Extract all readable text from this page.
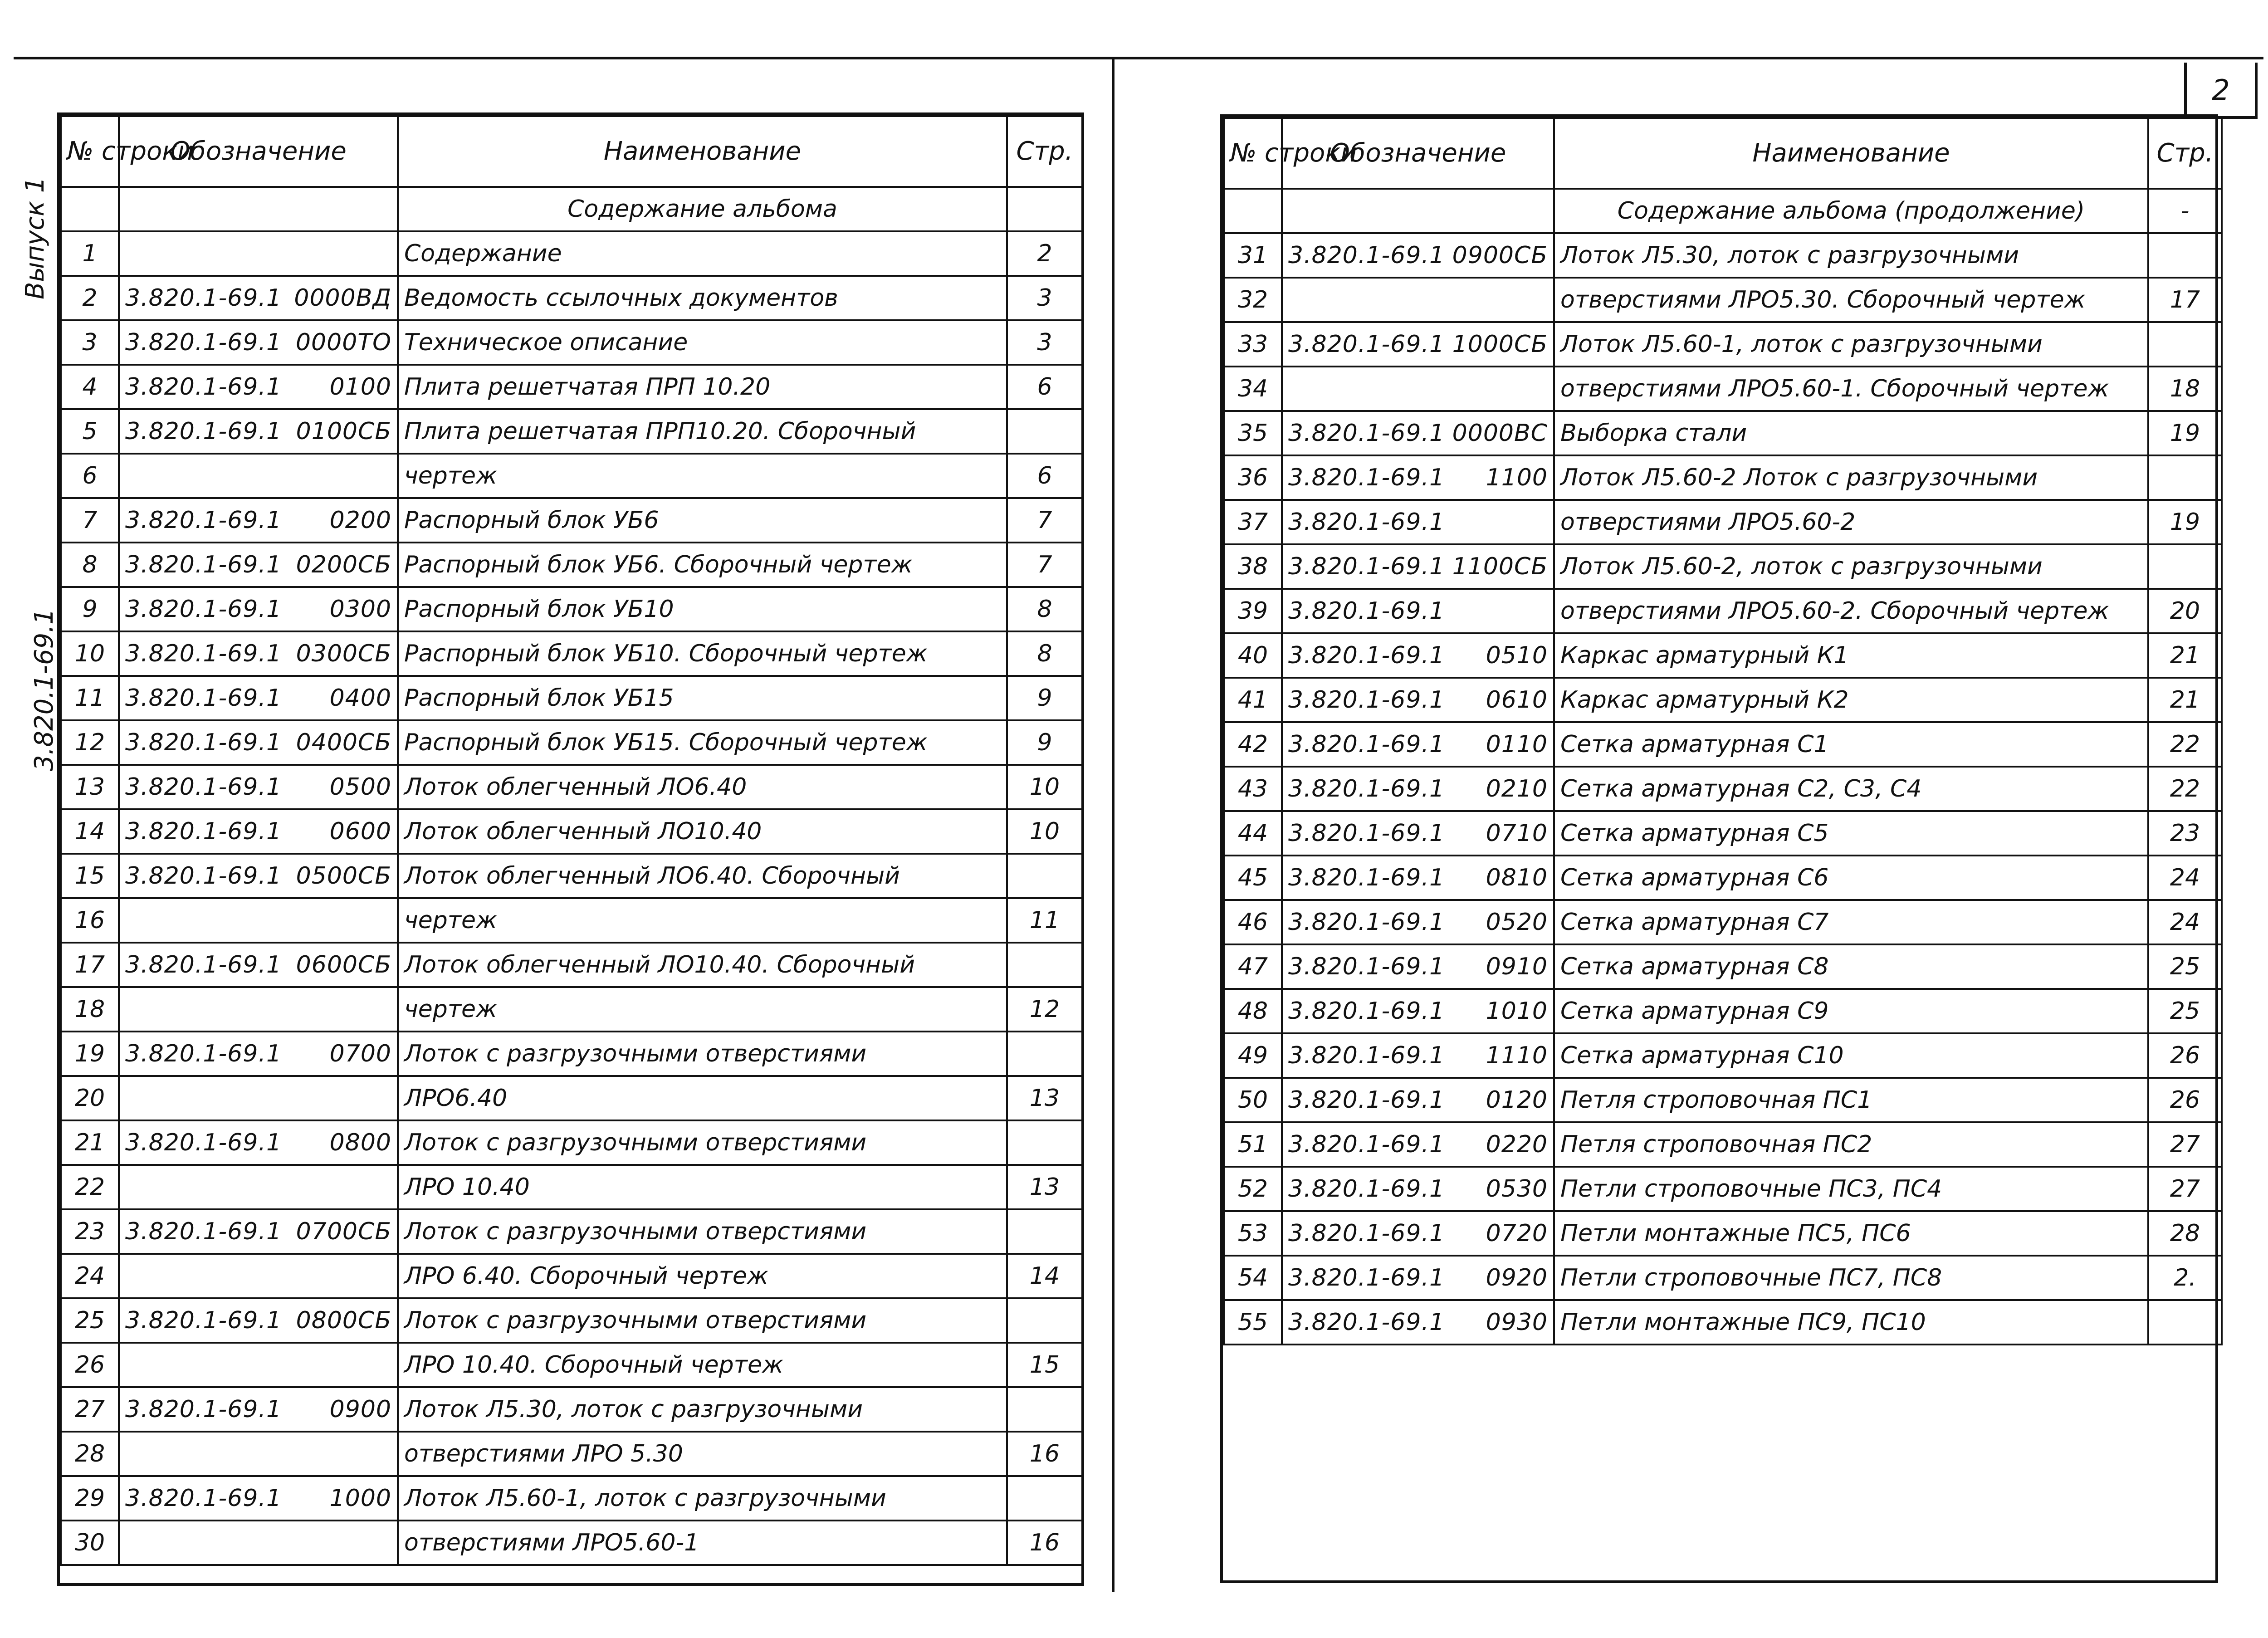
2
Выпуск 1
3.820.1-69.1
№ строки	Обозначение	Наименование	Стр.
		Содержание альбома	
1		Содержание	2
2	3.820.1-69.1 0000ВД	Ведомость ссылочных документов	3
3	3.820.1-69.1 0000ТО	Техническое описание	3
4	3.820.1-69.1 0100	Плита решетчатая ПРП 10.20	6
5	3.820.1-69.1 0100СБ	Плита решетчатая ПРП10.20. Сборочный	
6		чертеж	6
7	3.820.1-69.1 0200	Распорный блок УБ6	7
8	3.820.1-69.1 0200СБ	Распорный блок УБ6. Сборочный чертеж	7
9	3.820.1-69.1 0300	Распорный блок УБ10	8
10	3.820.1-69.1 0300СБ	Распорный блок УБ10. Сборочный чертеж	8
11	3.820.1-69.1 0400	Распорный блок УБ15	9
12	3.820.1-69.1 0400СБ	Распорный блок УБ15. Сборочный чертеж	9
13	3.820.1-69.1 0500	Лоток облегченный ЛО6.40	10
14	3.820.1-69.1 0600	Лоток облегченный ЛО10.40	10
15	3.820.1-69.1 0500СБ	Лоток облегченный ЛО6.40. Сборочный	
16		чертеж	11
17	3.820.1-69.1 0600СБ	Лоток облегченный ЛО10.40. Сборочный	
18		чертеж	12
19	3.820.1-69.1 0700	Лоток с разгрузочными отверстиями	
20		ЛРО6.40	13
21	3.820.1-69.1 0800	Лоток с разгрузочными отверстиями	
22		ЛРО 10.40	13
23	3.820.1-69.1 0700СБ	Лоток с разгрузочными отверстиями	
24		ЛРО 6.40. Сборочный чертеж	14
25	3.820.1-69.1 0800СБ	Лоток с разгрузочными отверстиями	
26		ЛРО 10.40. Сборочный чертеж	15
27	3.820.1-69.1 0900	Лоток Л5.30, лоток с разгрузочными	
28		отверстиями ЛРО 5.30	16
29	3.820.1-69.1 1000	Лоток Л5.60-1, лоток с разгрузочными	
30		отверстиями ЛРО5.60-1	16
№ строки	Обозначение	Наименование	Стр.
		Содержание альбома (продолжение)	-
31	3.820.1-69.1 0900СБ	Лоток Л5.30, лоток с разгрузочными	
32		отверстиями ЛРО5.30. Сборочный чертеж	17
33	3.820.1-69.1 1000СБ	Лоток Л5.60-1, лоток с разгрузочными	
34		отверстиями ЛРО5.60-1. Сборочный чертеж	18
35	3.820.1-69.1 0000ВС	Выборка стали	19
36	3.820.1-69.1 1100	Лоток Л5.60-2 Лоток с разгрузочными	
37	3.820.1-69.1	отверстиями ЛРО5.60-2	19
38	3.820.1-69.1 1100СБ	Лоток Л5.60-2, лоток с разгрузочными	
39	3.820.1-69.1	отверстиями ЛРО5.60-2. Сборочный чертеж	20
40	3.820.1-69.1 0510	Каркас арматурный К1	21
41	3.820.1-69.1 0610	Каркас арматурный К2	21
42	3.820.1-69.1 0110	Сетка арматурная С1	22
43	3.820.1-69.1 0210	Сетка арматурная С2, С3, С4	22
44	3.820.1-69.1 0710	Сетка арматурная С5	23
45	3.820.1-69.1 0810	Сетка арматурная С6	24
46	3.820.1-69.1 0520	Сетка арматурная С7	24
47	3.820.1-69.1 0910	Сетка арматурная С8	25
48	3.820.1-69.1 1010	Сетка арматурная С9	25
49	3.820.1-69.1 1110	Сетка арматурная С10	26
50	3.820.1-69.1 0120	Петля строповочная ПС1	26
51	3.820.1-69.1 0220	Петля строповочная ПС2	27
52	3.820.1-69.1 0530	Петли строповочные ПС3, ПС4	27
53	3.820.1-69.1 0720	Петли монтажные ПС5, ПС6	28
54	3.820.1-69.1 0920	Петли строповочные ПС7, ПС8	2.
55	3.820.1-69.1 0930	Петли монтажные ПС9, ПС10	
